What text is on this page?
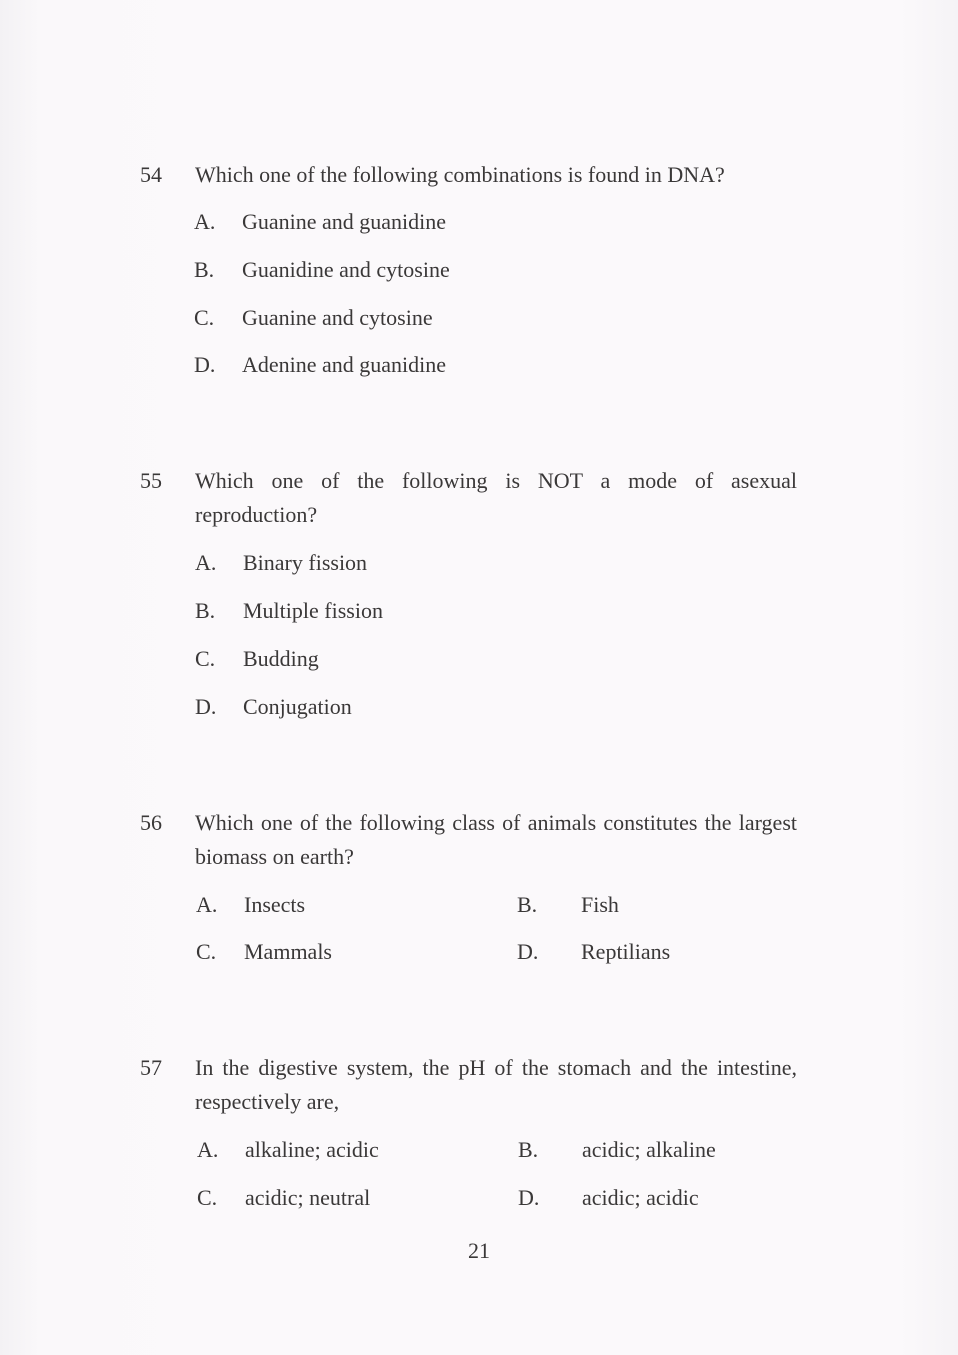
54	Which one of the following combinations is found in DNA?
A. Guanine and guanidine
B. Guanidine and cytosine
C. Guanine and cytosine
D. Adenine and guanidine
55	Which one of the following is NOT a mode of asexual reproduction?
A. Binary fission
B. Multiple fission
C. Budding
D. Conjugation
56	Which one of the following class of animals constitutes the largest biomass on earth?
A. Insects	B. Fish
C. Mammals	D. Reptilians
57	In the digestive system, the pH of the stomach and the intestine, respectively are,
A. alkaline; acidic	B. acidic; alkaline
C. acidic; neutral	D. acidic; acidic
21
